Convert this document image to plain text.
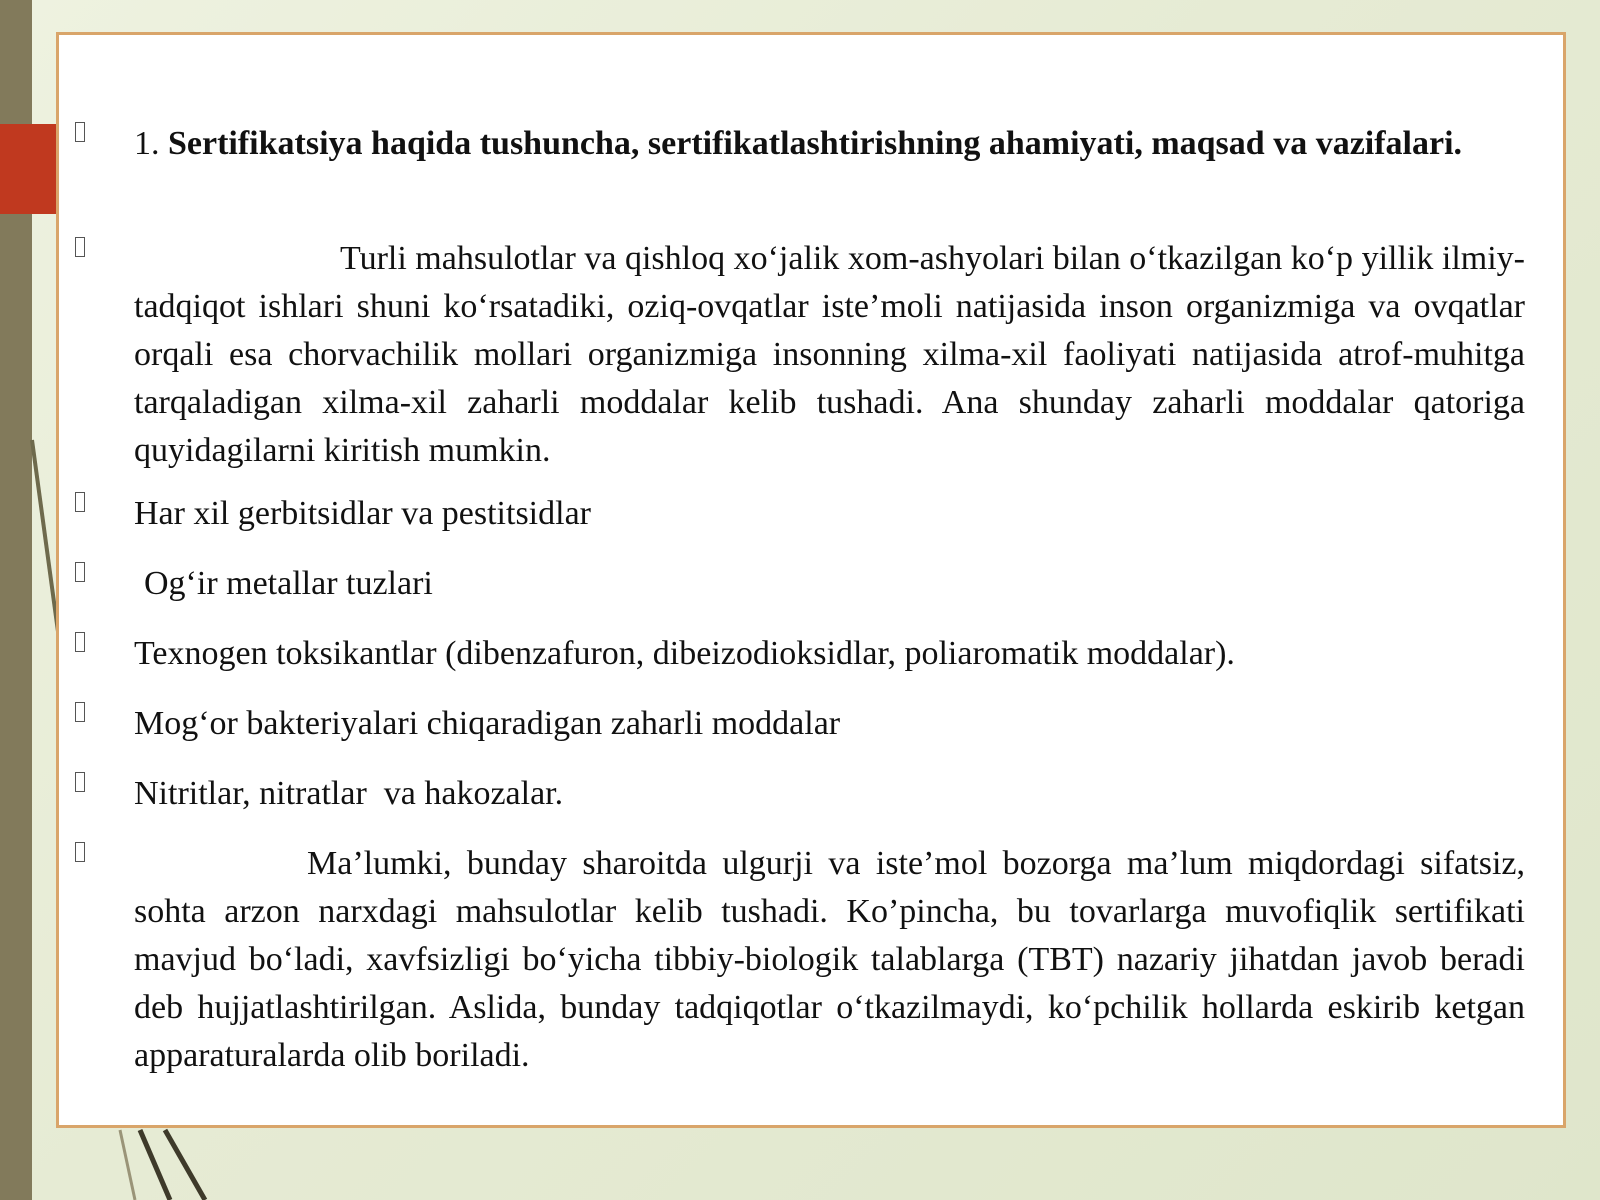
1. Sertifikatsiya haqida tushuncha, sertifikatlashtirishning ahamiyati, maqsad va vazifalari.

Turli mahsulotlar va qishloq xo‘jalik xom-ashyolari bilan o‘tkazilgan ko‘p yillik ilmiy-tadqiqot ishlari shuni ko‘rsatadiki, oziq-ovqatlar iste’moli natijasida inson organizmiga va ovqatlar orqali esa chorvachilik mollari organizmiga insonning xilma-xil faoliyati natijasida atrof-muhitga tarqaladigan xilma-xil zaharli moddalar kelib tushadi. Ana shunday zaharli moddalar qatoriga quyidagilarni kiritish mumkin.

Har xil gerbitsidlar va pestitsidlar

Og‘ir metallar tuzlari

Texnogen toksikantlar (dibenzafuron, dibeizodioksidlar, poliaromatik moddalar).

Mog‘or bakteriyalari chiqaradigan zaharli moddalar

Nitritlar, nitratlar  va hakozalar.

Ma’lumki, bunday sharoitda ulgurji va iste’mol bozorga ma’lum miqdordagi sifatsiz, sohta arzon narxdagi mahsulotlar kelib tushadi. Ko’pincha, bu tovarlarga muvofiqlik sertifikati mavjud bo‘ladi, xavfsizligi bo‘yicha tibbiy-biologik talablarga (TBT) nazariy jihatdan javob beradi deb hujjatlashtirilgan. Aslida, bunday tadqiqotlar o‘tkazilmaydi, ko‘pchilik hollarda eskirib ketgan apparaturalarda olib boriladi.
